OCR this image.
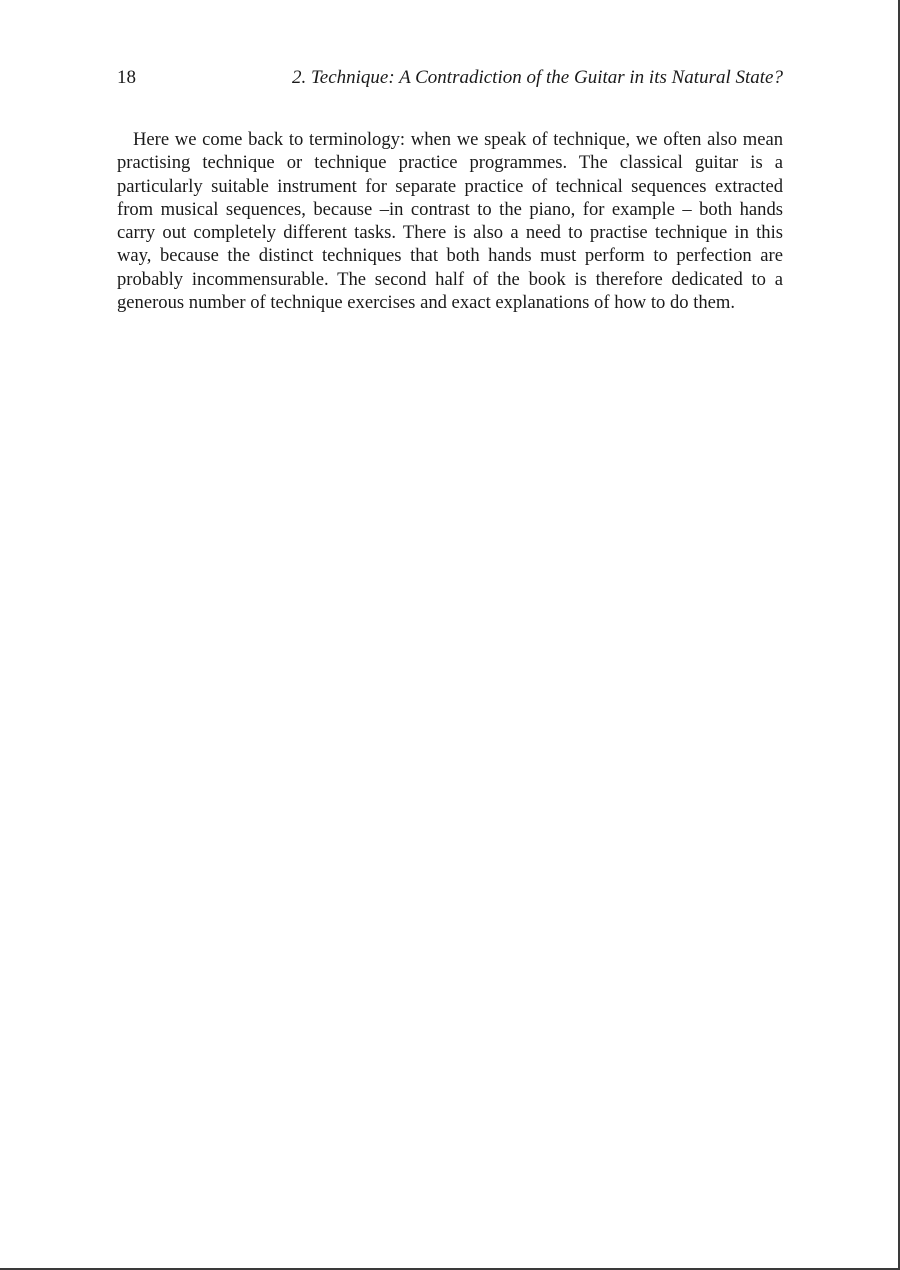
18	2. Technique: A Contradiction of the Guitar in its Natural State?

Here we come back to terminology: when we speak of technique, we often also mean practising technique or technique practice programmes. The classical guitar is a particularly suitable instrument for separate practice of technical sequences extracted from musical sequences, because –in contrast to the piano, for example – both hands carry out completely different tasks. There is also a need to practise technique in this way, because the distinct techniques that both hands must perform to perfection are probably incommensurable. The second half of the book is therefore dedicated to a generous number of technique exercises and exact explanations of how to do them.
